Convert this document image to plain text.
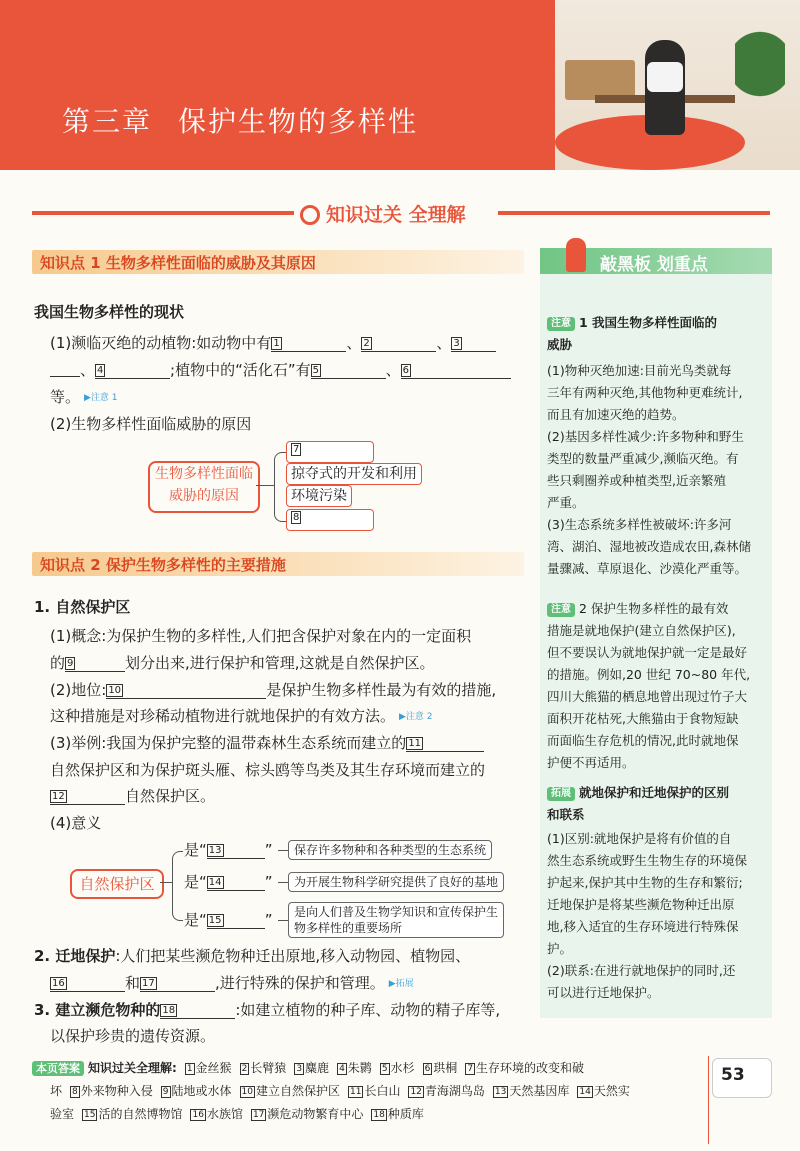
第三章 保护生物的多样性
知识过关 全理解
知识点 1 生物多样性面临的威胁及其原因
我国生物多样性的现状
(1)濒临灭绝的动植物:如动物中有 1	、 2	、 3
、 4	;植物中的“活化石”有 5	、 6
等。 ▶注意 1
(2)生物多样性面临威胁的原因
生物多样性面临威胁的原因
7
掠夺式的开发和利用
环境污染
8
知识点 2 保护生物多样性的主要措施
1. 自然保护区
(1)概念:为保护生物的多样性,人们把含保护对象在内的一定面积
的 9	划分出来,进行保护和管理,这就是自然保护区。
(2)地位: 10	是保护生物多样性最为有效的措施,
这种措施是对珍稀动植物进行就地保护的有效方法。 ▶注意 2
(3)举例:我国为保护完整的温带森林生态系统而建立的 11
自然保护区和为保护斑头雁、棕头鸥等鸟类及其生存环境而建立的
12	自然保护区。
(4)意义
自然保护区
是“ 13	”
是“ 14	”
是“ 15	”
保存许多物种和各种类型的生态系统
为开展生物科学研究提供了良好的基地
是向人们普及生物学知识和宣传保护生
物多样性的重要场所
2. 迁地保护:人们把某些濒危物种迁出原地,移入动物园、植物园、
16	和 17	,进行特殊的保护和管理。 ▶拓展
3. 建立濒危物种的 18	:如建立植物的种子库、动物的精子库等,
以保护珍贵的遗传资源。
敲黑板 划重点
注意 1 我国生物多样性面临的
威胁
(1)物种灭绝加速:目前光鸟类就每
三年有两种灭绝,其他物种更难统计,
而且有加速灭绝的趋势。
(2)基因多样性减少:许多物种和野生
类型的数量严重减少,濒临灭绝。有
些只剩圈养或种植类型,近亲繁殖
严重。
(3)生态系统多样性被破坏:许多河
湾、湖泊、湿地被改造成农田,森林储
量骤减、草原退化、沙漠化严重等。
注意 2 保护生物多样性的最有效
措施是就地保护(建立自然保护区),
但不要误认为就地保护就一定是最好
的措施。例如,20 世纪 70~80 年代,
四川大熊猫的栖息地曾出现过竹子大
面积开花枯死,大熊猫由于食物短缺
而面临生存危机的情况,此时就地保
护便不再适用。
拓展 就地保护和迁地保护的区别
和联系
(1)区别:就地保护是将有价值的自
然生态系统或野生生物生存的环境保
护起来,保护其中生物的生存和繁衍;
迁地保护是将某些濒危物种迁出原
地,移入适宜的生存环境进行特殊保
护。
(2)联系:在进行就地保护的同时,还
可以进行迁地保护。
本页答案 知识过关全理解: 1 金丝猴 2 长臂猿 3 麋鹿 4 朱鹮 5 水杉 6 珙桐 7 生存环境的改变和破
坏 8 外来物种入侵 9 陆地或水体 10 建立自然保护区 11 长白山 12 青海湖鸟岛 13 天然基因库 14 天然实
验室 15 活的自然博物馆 16 水族馆 17 濒危动物繁育中心 18 种质库
53
